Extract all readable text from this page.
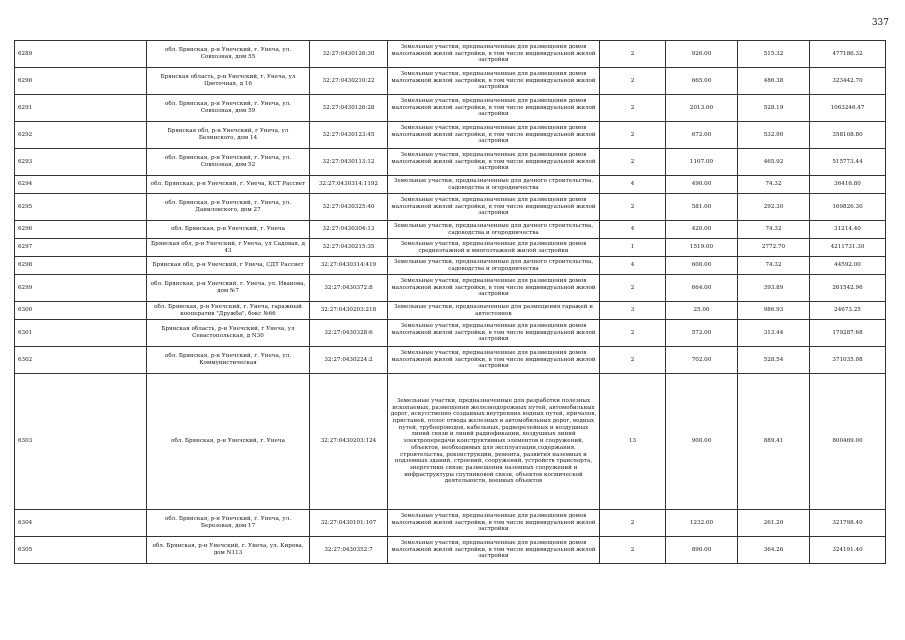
337
6289	обл. Брянская, р-н Унечский, г. Унеча, ул. Совхозная, дом 55	32:27:0430126:30	Земельные участки, предназначенные для размещения домов малоэтажной жилой застройки, в том числе индивидуальной жилой застройки	2	926.00	515.32	477186.32
6290	Брянская область, р-н Унечский, г. Унеча, ул Цветочная, д 16	32:27:0430210:22	Земельные участки, предназначенные для размещения домов малоэтажной жилой застройки, в том числе индивидуальной жилой застройки	2	665.00	486.38	323442.70
6291	обл. Брянская, р-н Унечский, г. Унеча, ул. Совхозная, дом 59	32:27:0430126:28	Земельные участки, предназначенные для размещения домов малоэтажной жилой застройки, в том числе индивидуальной жилой застройки	2	2013.00	528.19	1063246.47
6292	Брянская обл, р-н Унечский, г Унеча, ул Белинского, дом 14	32:27:0430123:45	Земельные участки, предназначенные для размещения домов малоэтажной жилой застройки, в том числе индивидуальной жилой застройки	2	672.00	532.90	358108.80
6293	обл. Брянская, р-н Унечский, г. Унеча, ул. Совхозная, дом 52	32:27:0430113:12	Земельные участки, предназначенные для размещения домов малоэтажной жилой застройки, в том числе индивидуальной жилой застройки	2	1107.00	465.92	515773.44
6294	обл. Брянская, р-н Унечский, г. Унеча, КСТ Рассвет	32:27:0430314:1192	Земельные участки, предназначенные для дачного строительства, садоводства и огородничества	4	490.00	74.32	36416.80
6295	обл. Брянская, р-н Унечский, г. Унеча, ул. Даниловского, дом 27	32:27:0430325:40	Земельные участки, предназначенные для размещения домов малоэтажной жилой застройки, в том числе индивидуальной жилой застройки	2	581.00	292.30	169826.30
6296	обл. Брянская, р-н Унечский, г. Унеча	32:27:0430304:13	Земельные участки, предназначенные для дачного строительства, садоводства и огородничества	4	420.00	74.32	31214.40
6297	Брянская обл, р-н Унечский, г Унеча, ул Садовая, д 43	32:27:0430215:35	Земельные участки, предназначенные для размещения домов среднеэтажной и многоэтажной жилой застройки	1	1519.00	2772.70	4211731.30
6298	Брянская обл, р-н Унечский, г Унеча, СДТ Рассвет	32:27:0430314:419	Земельные участки, предназначенные для дачного строительства, садоводства и огородничества	4	600.00	74.32	44592.00
6299	обл. Брянская, р-н Унечский, г. Унеча, ул. Иванова, дом №7	32:27:0430372:8	Земельные участки, предназначенные для размещения домов малоэтажной жилой застройки, в том числе индивидуальной жилой застройки	2	664.00	393.89	261542.96
6300	обл. Брянская, р-н Унечский, г. Унеча, гаражный кооператив "Дружба", бокс №66	32:27:0430203:218	Земельные участки, предназначенные для размещения гаражей и автостоянок	3	25.00	986.93	24673.25
6301	Брянская область, р-н Унечский, г Унеча, ул Севастопольская, д N30	32:27:0430328:6	Земельные участки, предназначенные для размещения домов малоэтажной жилой застройки, в том числе индивидуальной жилой застройки	2	572.00	313.44	179287.68
6302	обл. Брянская, р-н Унечский, г. Унеча, ул. Коммунистическая	32:27:0430224:2	Земельные участки, предназначенные для размещения домов малоэтажной жилой застройки, в том числе индивидуальной жилой застройки	2	702.00	528.54	371035.08
6303	обл. Брянская, р-н Унечский, г. Унеча	32:27:0430203:124	Земельные участки, предназначенные для разработки полезных ископаемых, размещения железнодорожных путей, автомобильных дорог, искусственно созданных внутренних водных путей, причалов, пристаней, полос отвода железных и автомобильных дорог, водных путей, трубопроводов, кабельных, радиорелейных и воздушных линий связи и линий радиофикации, воздушных линий электропередачи конструктивных элементов и сооружений, объектов, необходимых для эксплуатации,содержания, строительства, реконструкции, ремонта, развития наземных и подземных зданий, строений, сооружений, устройств транспорта, энергетики связи; размещения наземных сооружений и инфраструктуры спутниковой связи, объектов космической деятельности, военных объектов	13	900.00	889.41	800469.00
6304	обл. Брянская, р-н Унечский, г. Унеча, ул. Березовая, дом 17	32:27:0430101:107	Земельные участки, предназначенные для размещения домов малоэтажной жилой застройки, в том числе индивидуальной жилой застройки	2	1232.00	261.20	321798.40
6305	обл. Брянская, р-н Унечский, г. Унеча, ул. Кирова, дом N113	32:27:0430352:7	Земельные участки, предназначенные для размещения домов малоэтажной жилой застройки, в том числе индивидуальной жилой застройки	2	890.00	364.26	324191.40
